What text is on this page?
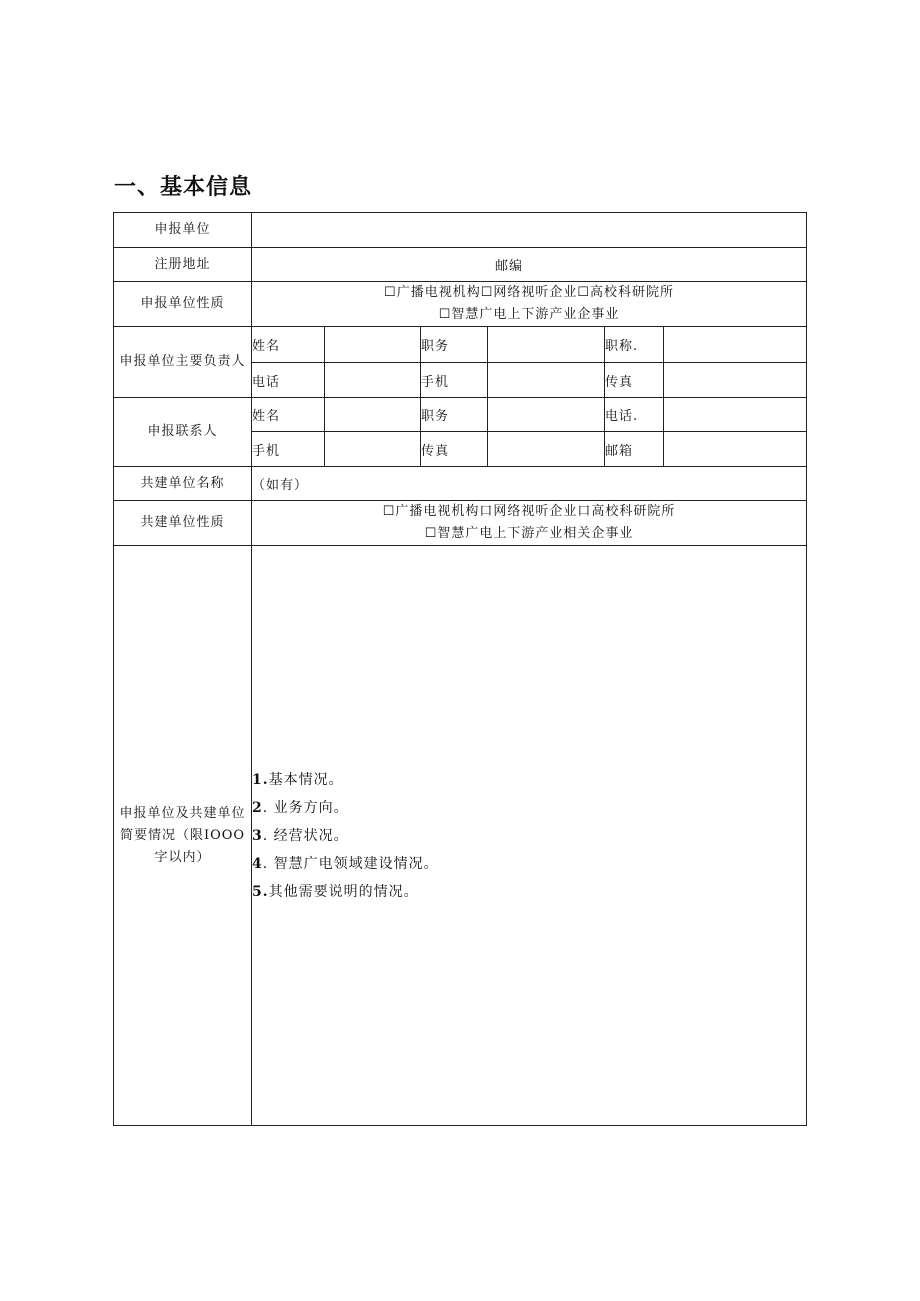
一、基本信息
申报单位						
注册地址	邮编					
申报单位性质	☐广播电视机构☐网络视听企业☐高校科研院所
☐智慧广电上下游产业企事业					

申报单位主要负责人	姓名		职务		职称.	
	电话		手机		传真	
申报联系人	姓名		职务		电话.	
	手机		传真		邮箱	
共建单位名称	（如有）					
共建单位性质	☐广播电视机构口网络视听企业口高校科研院所
☐智慧广电上下游产业相关企事业					

申报单位及共建单位简要情况（限IOOO字以内）	1.基本情况。
2. 业务方向。
3. 经营状况。
4. 智慧广电领域建设情况。
5.其他需要说明的情况。					
